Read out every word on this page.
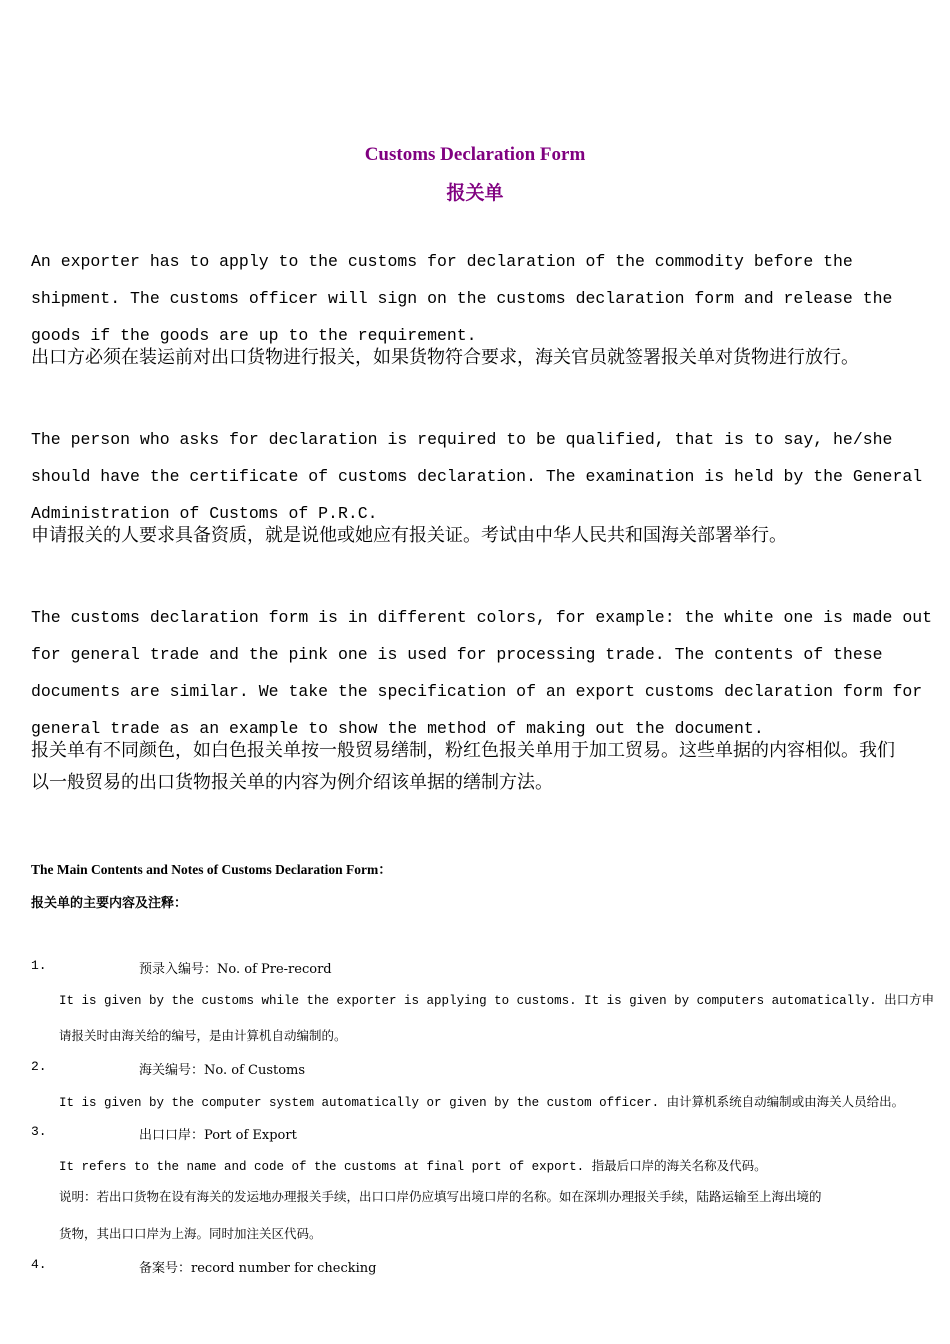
Customs Declaration Form
报关单
An exporter has to apply to the customs for declaration of the commodity before the
shipment. The customs officer will sign on the customs declaration form and release the
goods if the goods are up to the requirement.
出口方必须在装运前对出口货物进行报关，如果货物符合要求，海关官员就签署报关单对货物进行放行。
The person who asks for declaration is required to be qualified, that is to say, he/she
should have the certificate of customs declaration. The examination is held by the General
Administration of Customs of P.R.C.
申请报关的人要求具备资质，就是说他或她应有报关证。考试由中华人民共和国海关部署举行。
The customs declaration form is in different colors, for example: the white one is made out
for general trade and the pink one is used for processing trade. The contents of these
documents are similar. We take the specification of an export customs declaration form for
general trade as an example to show the method of making out the document.
报关单有不同颜色，如白色报关单按一般贸易缮制，粉红色报关单用于加工贸易。这些单据的内容相似。我们
以一般贸易的出口货物报关单的内容为例介绍该单据的缮制方法。
The Main Contents and Notes of Customs Declaration Form：
报关单的主要内容及注释：
1.	预录入编号：No. of Pre-record
It is given by the customs while the exporter is applying to customs. It is given by computers automatically. 出口方申
请报关时由海关给的编号，是由计算机自动编制的。
2.	海关编号：No. of Customs
It is given by the computer system automatically or given by the custom officer. 由计算机系统自动编制或由海关人员给出。
3.	出口口岸：Port of Export
It refers to the name and code of the customs at final port of export. 指最后口岸的海关名称及代码。
说明：若出口货物在设有海关的发运地办理报关手续，出口口岸仍应填写出境口岸的名称。如在深圳办理报关手续，陆路运输至上海出境的
货物，其出口口岸为上海。同时加注关区代码。
4.	备案号：record number for checking
